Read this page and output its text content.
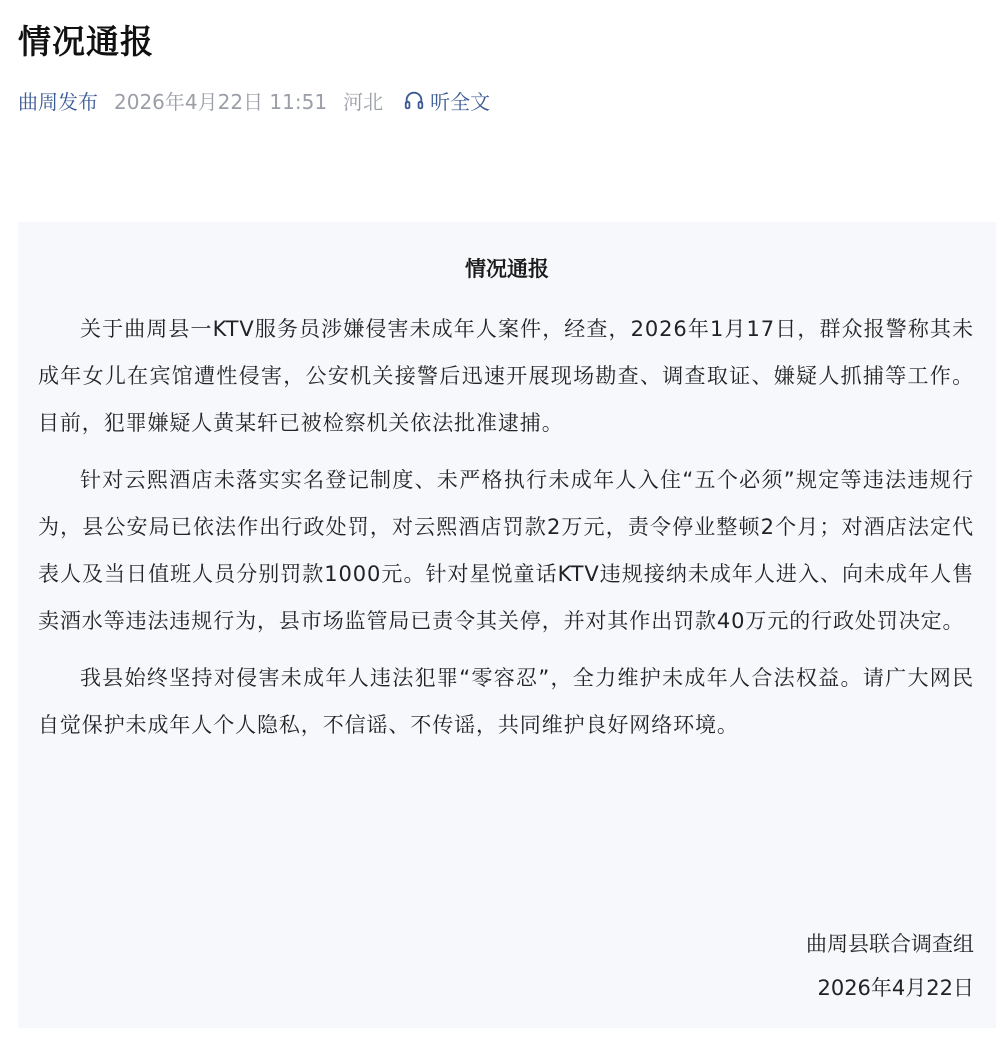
情况通报
曲周发布 2026年4月22日 11:51 河北 听全文
情况通报

关于曲周县一KTV服务员涉嫌侵害未成年人案件，经查，2026年1月17日，群众报警称其未成年女儿在宾馆遭性侵害，公安机关接警后迅速开展现场勘查、调查取证、嫌疑人抓捕等工作。目前，犯罪嫌疑人黄某轩已被检察机关依法批准逮捕。

针对云熙酒店未落实实名登记制度、未严格执行未成年人入住“五个必须”规定等违法违规行为，县公安局已依法作出行政处罚，对云熙酒店罚款2万元，责令停业整顿2个月；对酒店法定代表人及当日值班人员分别罚款1000元。针对星悦童话KTV违规接纳未成年人进入、向未成年人售卖酒水等违法违规行为，县市场监管局已责令其关停，并对其作出罚款40万元的行政处罚决定。

我县始终坚持对侵害未成年人违法犯罪“零容忍”，全力维护未成年人合法权益。请广大网民自觉保护未成年人个人隐私，不信谣、不传谣，共同维护良好网络环境。

曲周县联合调查组
2026年4月22日
